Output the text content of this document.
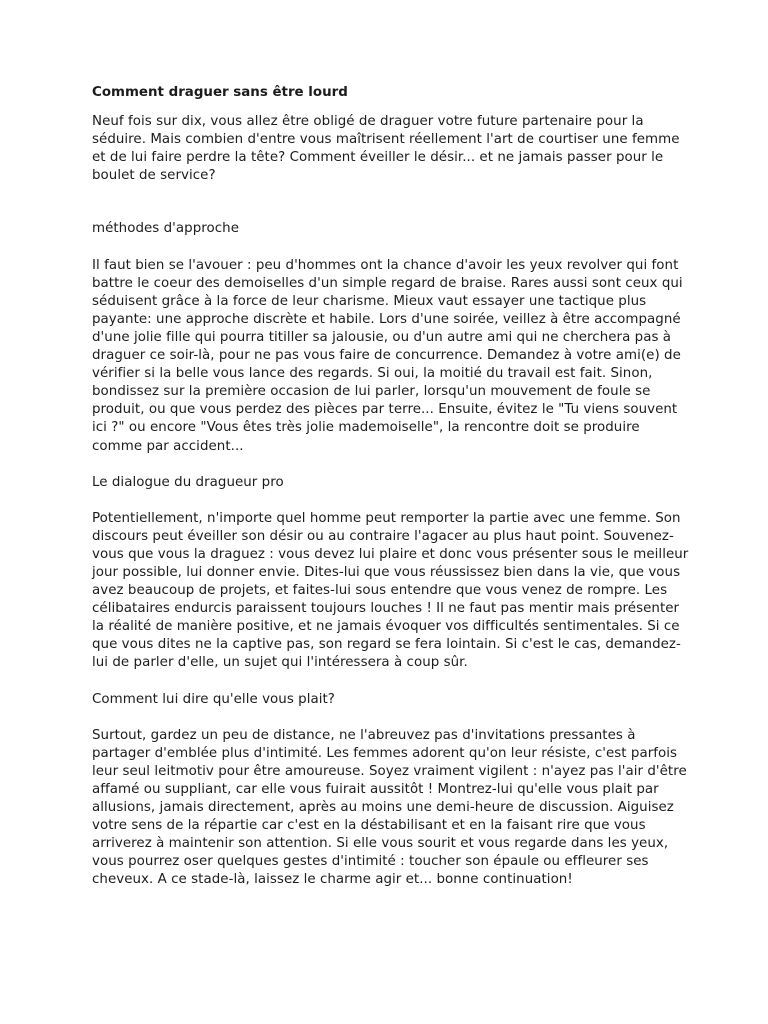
Comment draguer sans être lourd

Neuf fois sur dix, vous allez être obligé de draguer votre future partenaire pour la séduire. Mais combien d'entre vous maîtrisent réellement l'art de courtiser une femme et de lui faire perdre la tête? Comment éveiller le désir... et ne jamais passer pour le boulet de service?

méthodes d'approche

Il faut bien se l'avouer : peu d'hommes ont la chance d'avoir les yeux revolver qui font battre le coeur des demoiselles d'un simple regard de braise. Rares aussi sont ceux qui séduisent grâce à la force de leur charisme. Mieux vaut essayer une tactique plus payante: une approche discrète et habile. Lors d'une soirée, veillez à être accompagné d'une jolie fille qui pourra titiller sa jalousie, ou d'un autre ami qui ne cherchera pas à draguer ce soir-là, pour ne pas vous faire de concurrence. Demandez à votre ami(e) de vérifier si la belle vous lance des regards. Si oui, la moitié du travail est fait. Sinon, bondissez sur la première occasion de lui parler, lorsqu'un mouvement de foule se produit, ou que vous perdez des pièces par terre... Ensuite, évitez le "Tu viens souvent ici ?" ou encore "Vous êtes très jolie mademoiselle", la rencontre doit se produire comme par accident...

Le dialogue du dragueur pro

Potentiellement, n'importe quel homme peut remporter la partie avec une femme. Son discours peut éveiller son désir ou au contraire l'agacer au plus haut point. Souvenez- vous que vous la draguez : vous devez lui plaire et donc vous présenter sous le meilleur jour possible, lui donner envie. Dites-lui que vous réussissez bien dans la vie, que vous avez beaucoup de projets, et faites-lui sous entendre que vous venez de rompre. Les célibataires endurcis paraissent toujours louches ! Il ne faut pas mentir mais présenter la réalité de manière positive, et ne jamais évoquer vos difficultés sentimentales. Si ce que vous dites ne la captive pas, son regard se fera lointain. Si c'est le cas, demandez-lui de parler d'elle, un sujet qui l'intéressera à coup sûr.

Comment lui dire qu'elle vous plait?

Surtout, gardez un peu de distance, ne l'abreuvez pas d'invitations pressantes à partager d'emblée plus d'intimité. Les femmes adorent qu'on leur résiste, c'est parfois leur seul leitmotiv pour être amoureuse. Soyez vraiment vigilent : n'ayez pas l'air d'être affamé ou suppliant, car elle vous fuirait aussitôt ! Montrez-lui qu'elle vous plait par allusions, jamais directement, après au moins une demi-heure de discussion. Aiguisez votre sens de la répartie car c'est en la déstabilisant et en la faisant rire que vous arriverez à maintenir son attention. Si elle vous sourit et vous regarde dans les yeux, vous pourrez oser quelques gestes d'intimité : toucher son épaule ou effleurer ses cheveux. A ce stade-là, laissez le charme agir et... bonne continuation!
